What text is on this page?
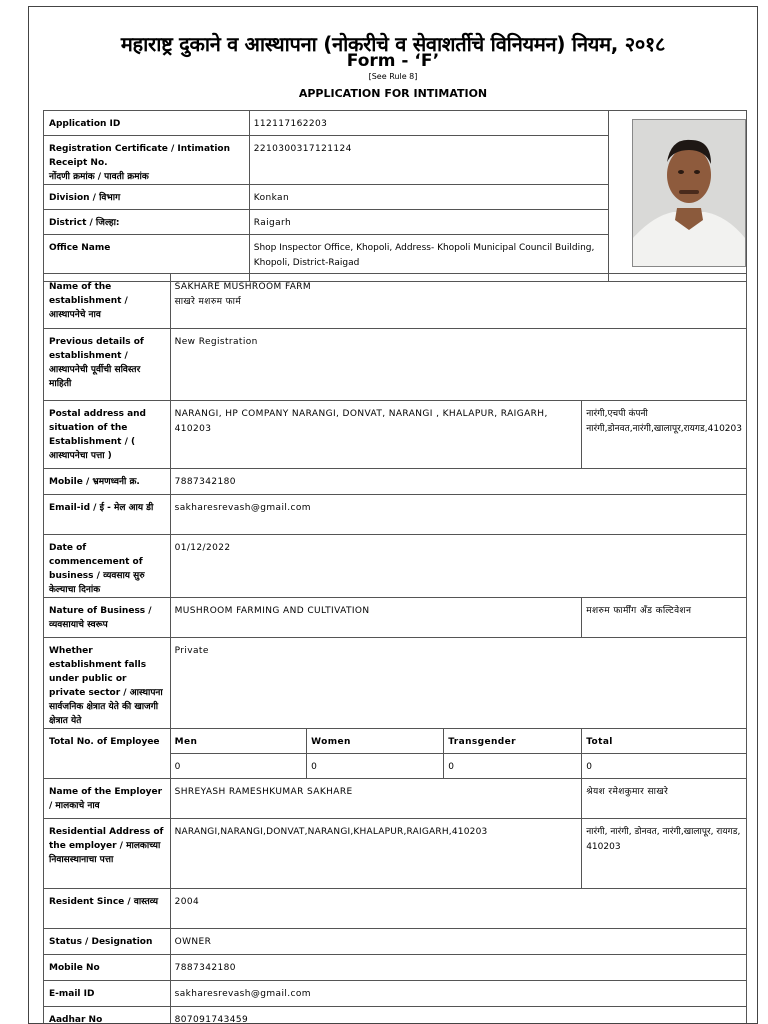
महाराष्ट्र दुकाने व आस्थापना (नोकरीचे व सेवाशर्तीचे विनियमन) नियम, २०१८
Form - ‘F’
[See Rule 8]
APPLICATION FOR INTIMATION
Application ID	112117162203	

Registration Certificate / Intimation Receipt No.
नोंदणी क्रमांक / पावती क्रमांक	2210300317121124	
Division / विभाग	Konkan	
District / जिल्हा:	Raigarh	
Office Name	Shop Inspector Office, Khopoli, Address- Khopoli Municipal Council Building, Khopoli, District-Raigad	
Name of the establishment / आस्थापनेचे नाव	SAKHARE MUSHROOM FARM
साखरे मशरुम फार्म			

Previous details of establishment / आस्थापनेची पूर्वीची सविस्तर माहिती	New Registration			
Postal address and situation of the Establishment / ( आस्थापनेचा पत्ता )	NARANGI, HP COMPANY NARANGI, DONVAT, NARANGI , KHALAPUR, RAIGARH, 410203			नारंगी,एचपी कंपनी नारंगी,डोनवत,नारंगी,खालापूर,रायगड,410203
Mobile / भ्रमणध्वनी क्र.	7887342180			
Email-id / ई - मेल आय डी	sakharesrevash@gmail.com			
Date of commencement of business / व्यवसाय सुरु केल्याचा दिनांक	01/12/2022			
Nature of Business / व्यवसायाचे स्वरूप	MUSHROOM FARMING AND CULTIVATION			मशरुम फार्मींग अँड कल्टिवेशन
Whether establishment falls under public or private sector / आस्थापना सार्वजनिक क्षेत्रात येते की खाजगी क्षेत्रात येते	Private			
Total No. of Employee	Men	Women	Transgender	Total
	0	0	0	0
Name of the Employer / मालकाचे नाव	SHREYASH RAMESHKUMAR SAKHARE			श्रेयश रमेशकुमार साखरे
Residential Address of the employer / मालकाच्या निवासस्थानाचा पत्ता	NARANGI,NARANGI,DONVAT,NARANGI,KHALAPUR,RAIGARH,410203			नारंगी, नारंगी, डोनवत, नारंगी,खालापूर, रायगड, 410203
Resident Since / वास्तव्य	2004			
Status / Designation	OWNER			
Mobile No	7887342180			
E-mail ID	sakharesrevash@gmail.com			
Aadhar No	807091743459			
